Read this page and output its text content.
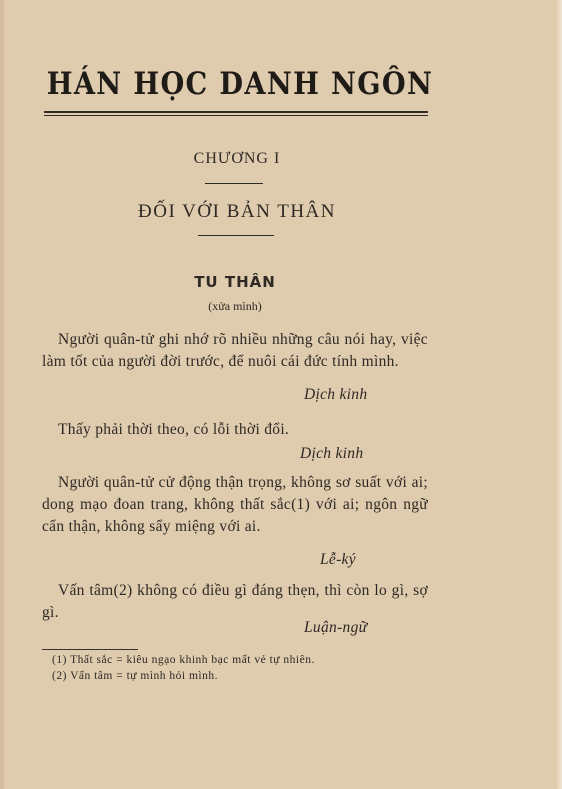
HÁN HỌC DANH NGÔN
CHƯƠNG I
ĐỐI VỚI BẢN THÂN
TU THÂN
(xửa mình)

Người quân-tử ghi nhớ rõ nhiều những câu nói hay, việc làm tốt của người đời trước, để nuôi cái đức tính mình.

Dịch kinh

Thấy phải thời theo, có lỗi thời đổi.

Dịch kinh

Người quân-tử cử động thận trọng, không sơ suất với ai; dong mạo đoan trang, không thất sắc(1) với ai; ngôn ngữ cẩn thận, không sẩy miệng với ai.

Lễ-ký

Vấn tâm(2) không có điều gì đáng thẹn, thì còn lo gì, sợ gì.

Luận-ngữ
(1) Thất sắc = kiêu ngạo khinh bạc mất vẻ tự nhiên.
(2) Vấn tâm = tự mình hỏi mình.
